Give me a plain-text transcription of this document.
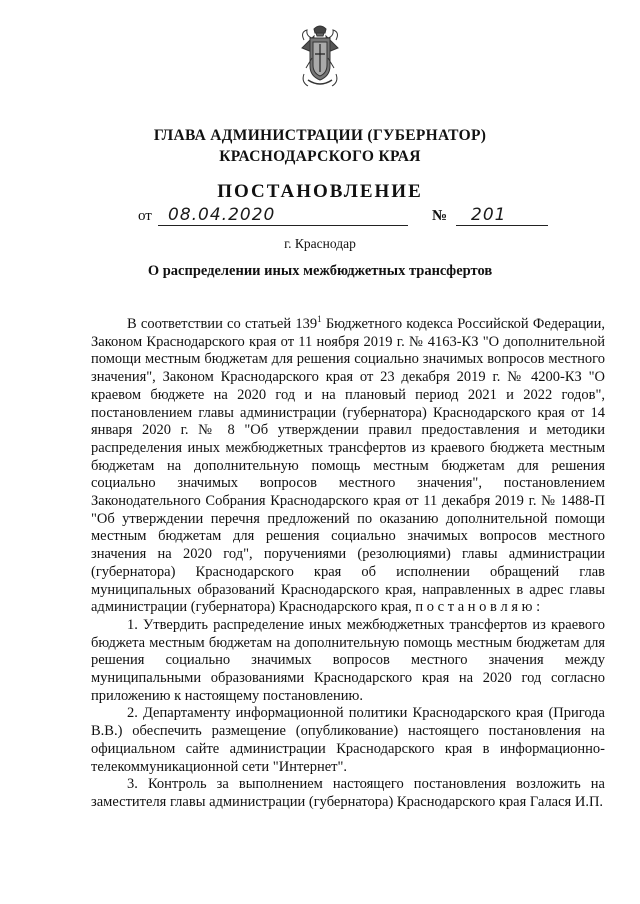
ГЛАВА АДМИНИСТРАЦИИ (ГУБЕРНАТОР)
КРАСНОДАРСКОГО КРАЯ
ПОСТАНОВЛЕНИЕ
от 08.04.2020	№ 201
г. Краснодар
О распределении иных межбюджетных трансфертов

В соответствии со статьей $139^1$ Бюджетного кодекса Российской Федерации, Законом Краснодарского края от 11 ноября 2019 г. № 4163-КЗ "О дополнительной помощи местным бюджетам для решения социально значимых вопросов местного значения", Законом Краснодарского края от 23 декабря 2019 г. № 4200-КЗ "О краевом бюджете на 2020 год и на плановый период 2021 и 2022 годов", постановлением главы администрации (губернатора) Краснодарского края от 14 января 2020 г. № 8 "Об утверждении правил предоставления и методики распределения иных межбюджетных трансфертов из краевого бюджета местным бюджетам на дополнительную помощь местным бюджетам для решения социально значимых вопросов местного значения", постановлением Законодательного Собрания Краснодарского края от 11 декабря 2019 г. № 1488-П "Об утверждении перечня предложений по оказанию дополнительной помощи местным бюджетам для решения социально значимых вопросов местного значения на 2020 год", поручениями (резолюциями) главы администрации (губернатора) Краснодарского края об исполнении обращений глав муниципальных образований Краснодарского края, направленных в адрес главы администрации (губернатора) Краснодарского края, п о с т а н о в л я ю :

1. Утвердить распределение иных межбюджетных трансфертов из краевого бюджета местным бюджетам на дополнительную помощь местным бюджетам для решения социально значимых вопросов местного значения между муниципальными образованиями Краснодарского края на 2020 год согласно приложению к настоящему постановлению.

2. Департаменту информационной политики Краснодарского края (Пригода В.В.) обеспечить размещение (опубликование) настоящего постановления на официальном сайте администрации Краснодарского края в информационно-телекоммуникационной сети "Интернет".

3. Контроль за выполнением настоящего постановления возложить на заместителя главы администрации (губернатора) Краснодарского края Галася И.П.
